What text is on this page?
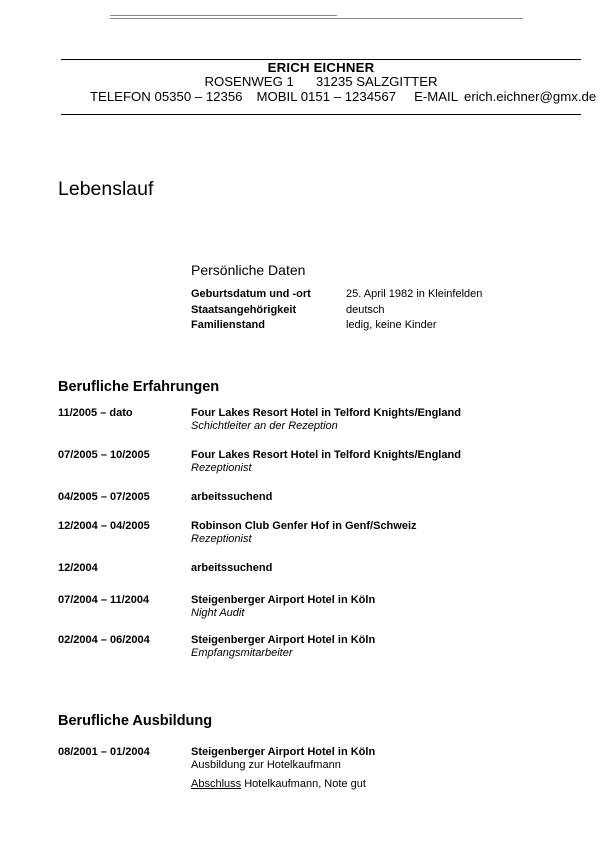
ERICH EICHNER
ROSENWEG 1 31235 SALZGITTER
TELEFON 05350 – 12356 MOBIL 0151 – 1234567 E-MAIL erich.eichner@gmx.de
Lebenslauf
Persönliche Daten
Geburtsdatum und -ort	25. April 1982 in Kleinfelden
Staatsangehörigkeit	deutsch
Familienstand	ledig, keine Kinder
Berufliche Erfahrungen
11/2005 – dato	Four Lakes Resort Hotel in Telford Knights/England
Schichtleiter an der Rezeption
07/2005 – 10/2005	Four Lakes Resort Hotel in Telford Knights/England
Rezeptionist
04/2005 – 07/2005	arbeitssuchend
12/2004 – 04/2005	Robinson Club Genfer Hof in Genf/Schweiz
Rezeptionist
12/2004	arbeitssuchend
07/2004 – 11/2004	Steigenberger Airport Hotel in Köln
Night Audit
02/2004 – 06/2004	Steigenberger Airport Hotel in Köln
Empfangsmitarbeiter
Berufliche Ausbildung
08/2001 – 01/2004	Steigenberger Airport Hotel in Köln
Ausbildung zur Hotelkaufmann
Abschluss Hotelkaufmann, Note gut
